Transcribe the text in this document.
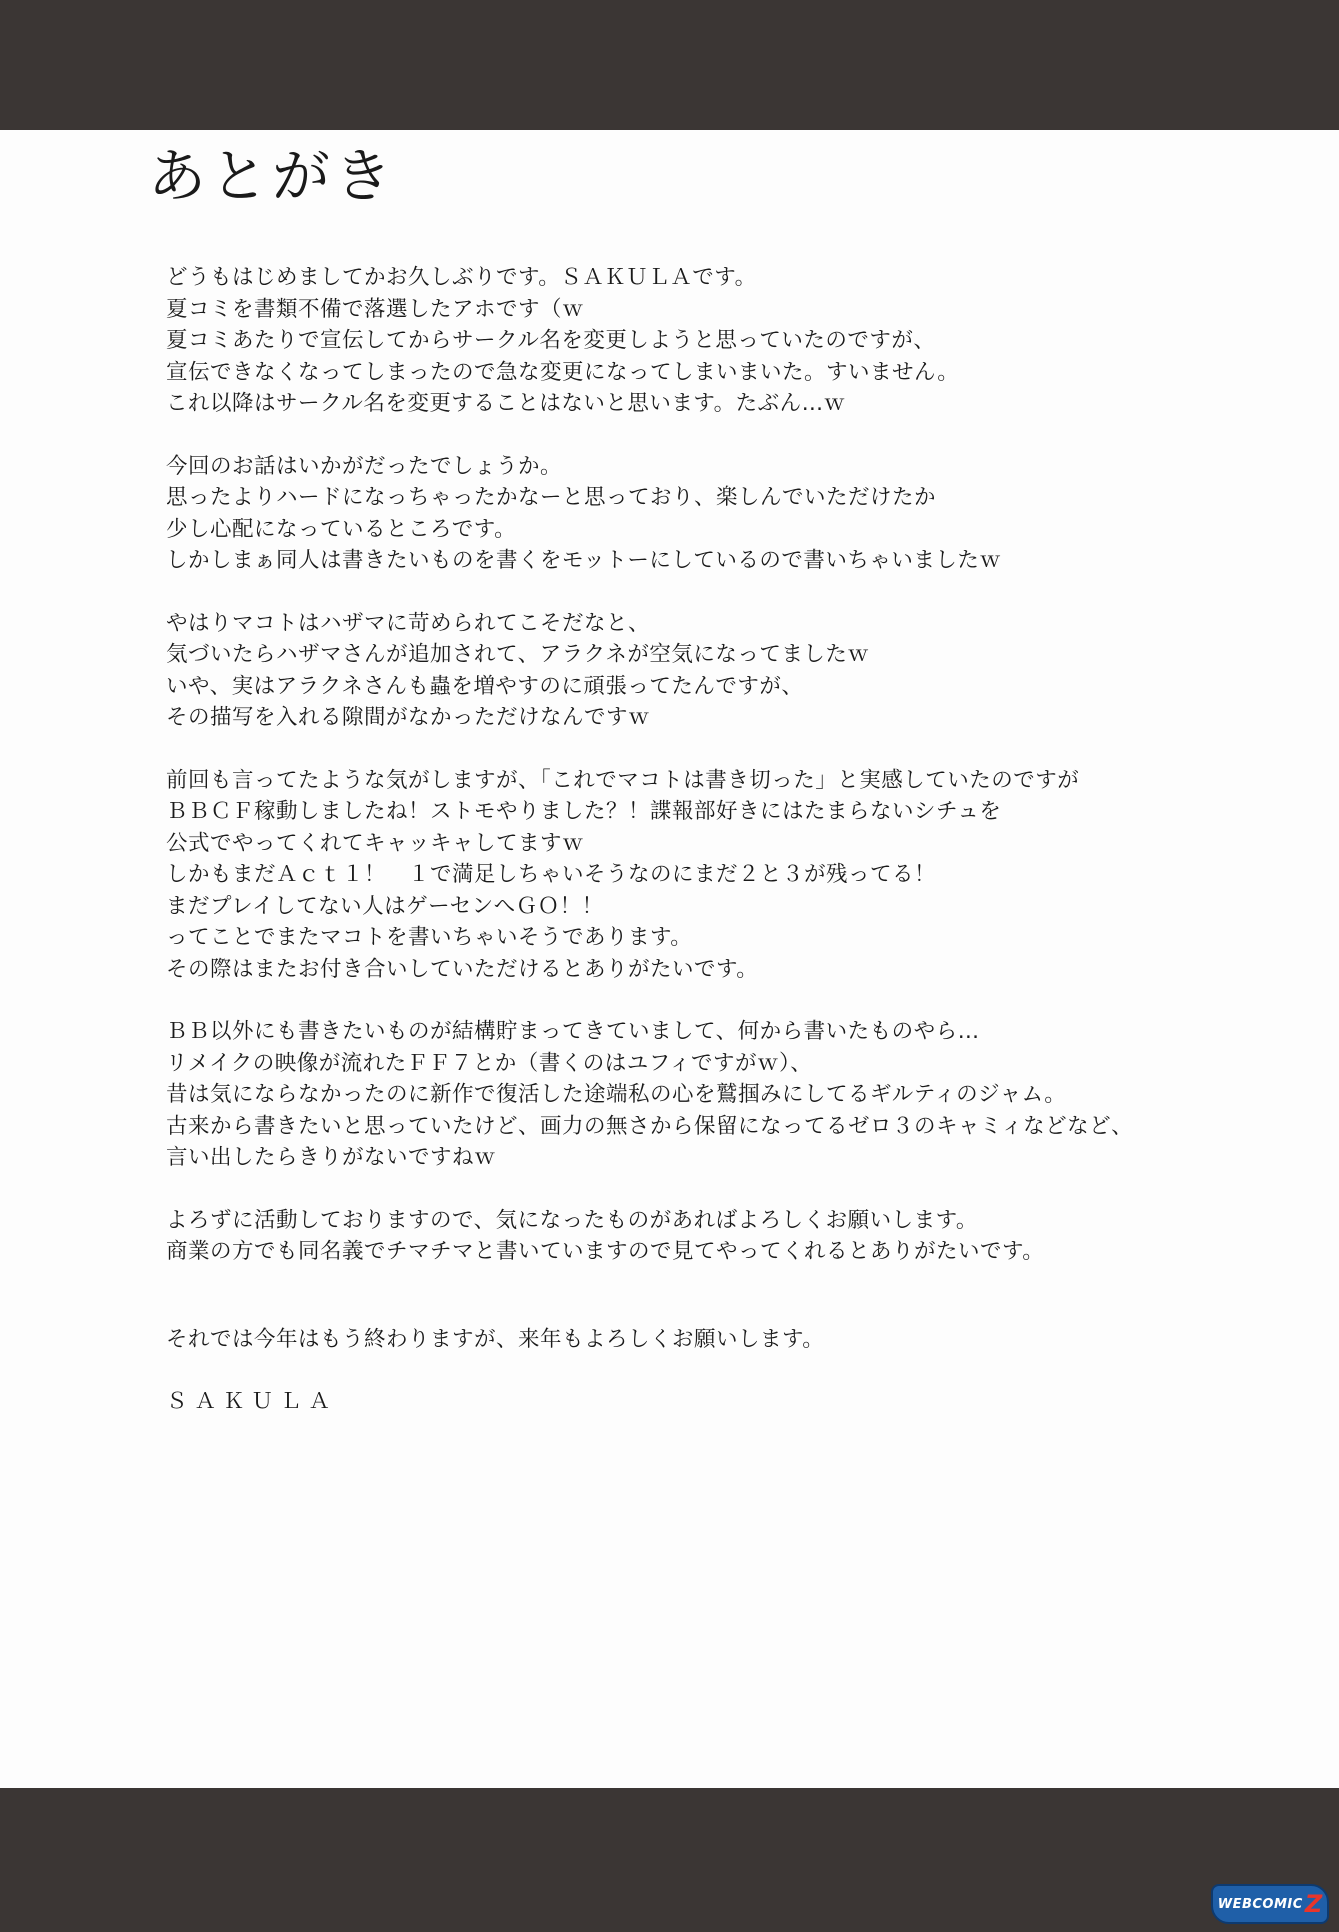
あとがき
どうもはじめましてかお久しぶりです。ＳＡＫＵＬＡです。
夏コミを書類不備で落選したアホです（ｗ
夏コミあたりで宣伝してからサークル名を変更しようと思っていたのですが、
宣伝できなくなってしまったので急な変更になってしまいまいた。すいません。
これ以降はサークル名を変更することはないと思います。たぶん…ｗ
今回のお話はいかがだったでしょうか。
思ったよりハードになっちゃったかなーと思っており、楽しんでいただけたか
少し心配になっているところです。
しかしまぁ同人は書きたいものを書くをモットーにしているので書いちゃいましたｗ
やはりマコトはハザマに苛められてこそだなと、
気づいたらハザマさんが追加されて、アラクネが空気になってましたｗ
いや、実はアラクネさんも蟲を増やすのに頑張ってたんですが、
その描写を入れる隙間がなかっただけなんですｗ
前回も言ってたような気がしますが、「これでマコトは書き切った」と実感していたのですが
ＢＢＣＦ稼動しましたね！ストモやりました？！諜報部好きにはたまらないシチュを
公式でやってくれてキャッキャしてますｗ
しかもまだＡｃｔ１！　１で満足しちゃいそうなのにまだ２と３が残ってる！
まだプレイしてない人はゲーセンへＧＯ！！
ってことでまたマコトを書いちゃいそうであります。
その際はまたお付き合いしていただけるとありがたいです。
ＢＢ以外にも書きたいものが結構貯まってきていまして、何から書いたものやら…
リメイクの映像が流れたＦＦ７とか（書くのはユフィですがｗ）、
昔は気にならなかったのに新作で復活した途端私の心を鷲掴みにしてるギルティのジャム。
古来から書きたいと思っていたけど、画力の無さから保留になってるゼロ３のキャミィなどなど、
言い出したらきりがないですねｗ
よろずに活動しておりますので、気になったものがあればよろしくお願いします。
商業の方でも同名義でチマチマと書いていますので見てやってくれるとありがたいです。
それでは今年はもう終わりますが、来年もよろしくお願いします。
ＳＡＫＵＬＡ
WEBCOMIC Z
